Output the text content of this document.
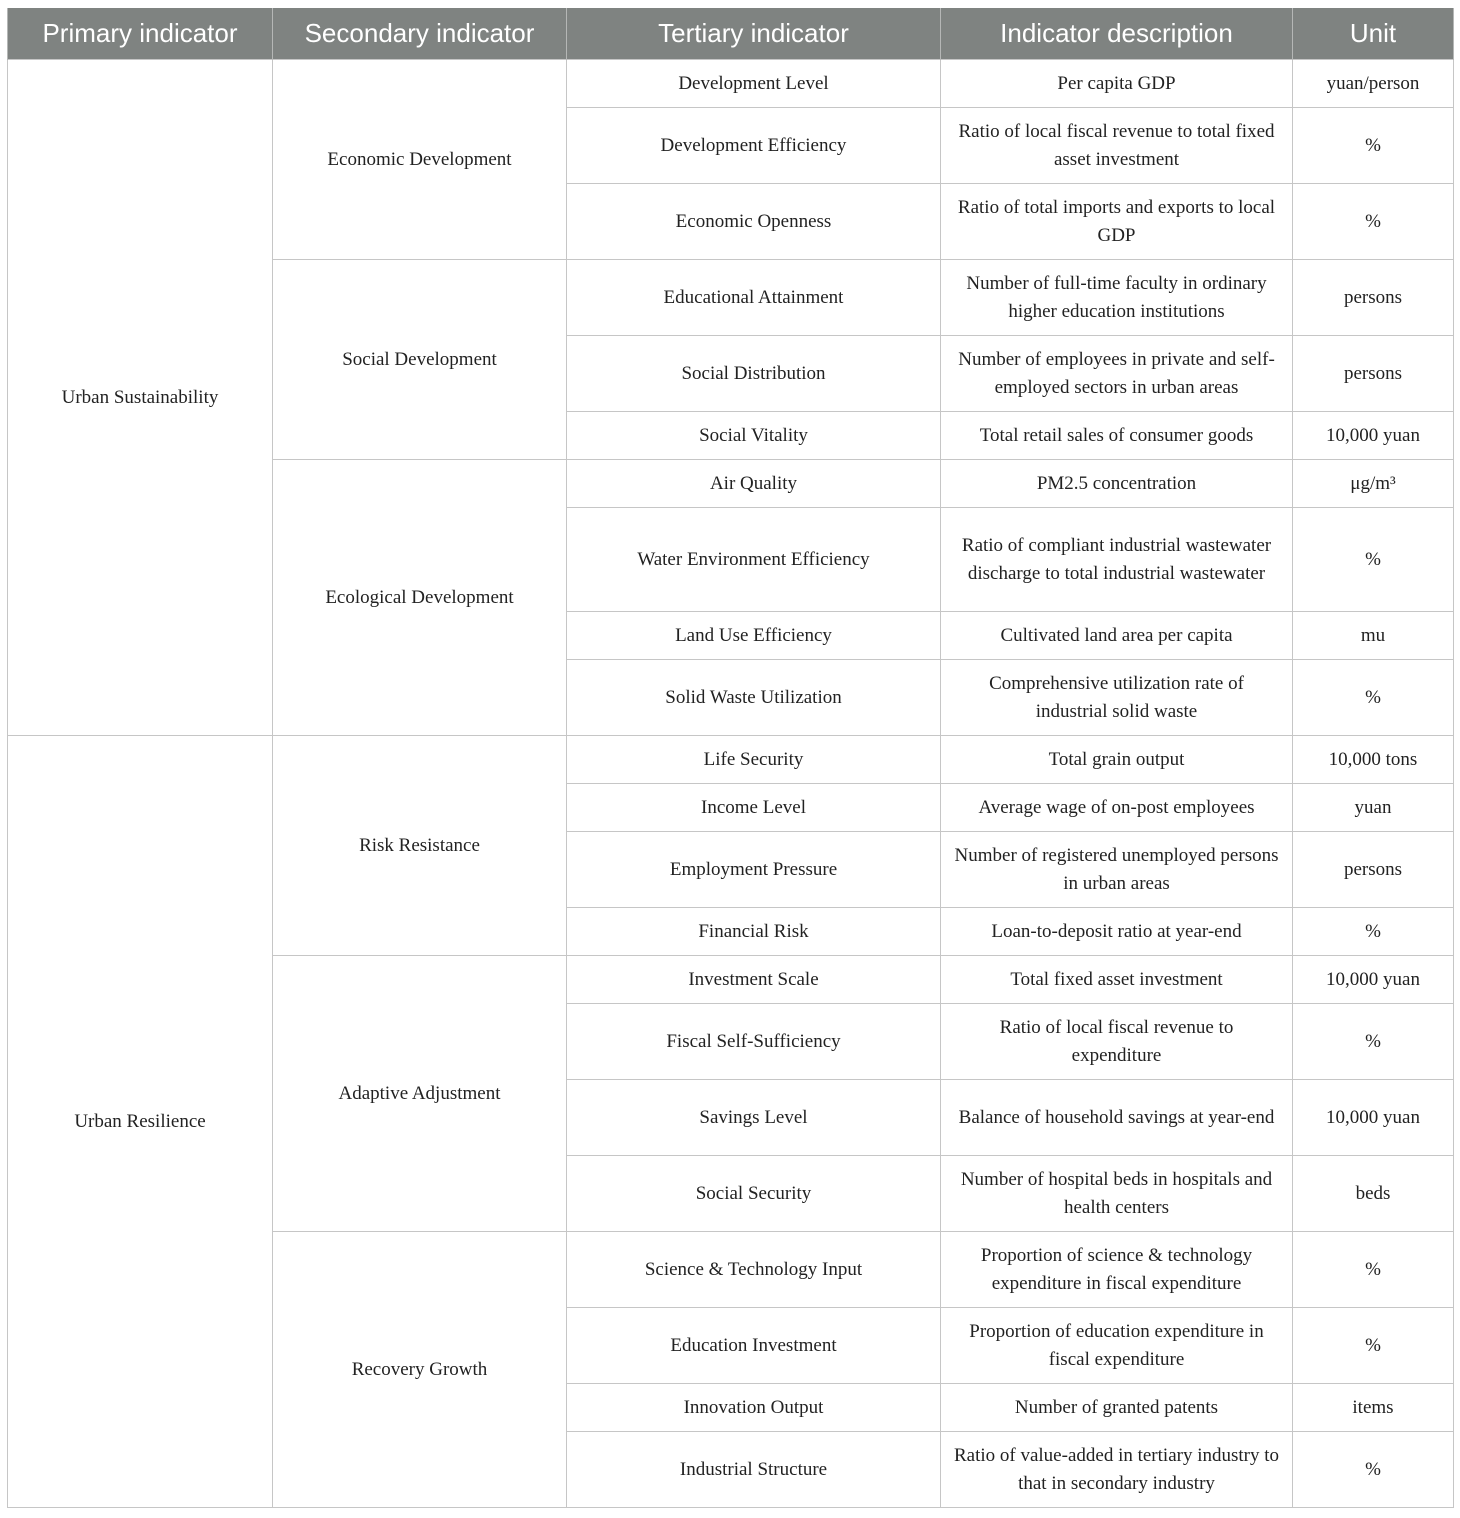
Primary indicator	Secondary indicator	Tertiary indicator	Indicator description	Unit
Urban Sustainability	Economic Development	Development Level	Per capita GDP	yuan/person
		Development Efficiency	Ratio of local fiscal revenue to total fixed asset investment	%
		Economic Openness	Ratio of total imports and exports to local GDP	%
	Social Development	Educational Attainment	Number of full-time faculty in ordinary higher education institutions	persons
		Social Distribution	Number of employees in private and self-employed sectors in urban areas	persons
		Social Vitality	Total retail sales of consumer goods	10,000 yuan
	Ecological Development	Air Quality	PM2.5 concentration	μg/m³
		Water Environment Efficiency	Ratio of compliant industrial wastewater discharge to total industrial wastewater	%
		Land Use Efficiency	Cultivated land area per capita	mu
		Solid Waste Utilization	Comprehensive utilization rate of industrial solid waste	%
Urban Resilience	Risk Resistance	Life Security	Total grain output	10,000 tons
		Income Level	Average wage of on-post employees	yuan
		Employment Pressure	Number of registered unemployed persons in urban areas	persons
		Financial Risk	Loan-to-deposit ratio at year-end	%
	Adaptive Adjustment	Investment Scale	Total fixed asset investment	10,000 yuan
		Fiscal Self-Sufficiency	Ratio of local fiscal revenue to expenditure	%
		Savings Level	Balance of household savings at year-end	10,000 yuan
		Social Security	Number of hospital beds in hospitals and health centers	beds
	Recovery Growth	Science & Technology Input	Proportion of science & technology expenditure in fiscal expenditure	%
		Education Investment	Proportion of education expenditure in fiscal expenditure	%
		Innovation Output	Number of granted patents	items
		Industrial Structure	Ratio of value-added in tertiary industry to that in secondary industry	%
